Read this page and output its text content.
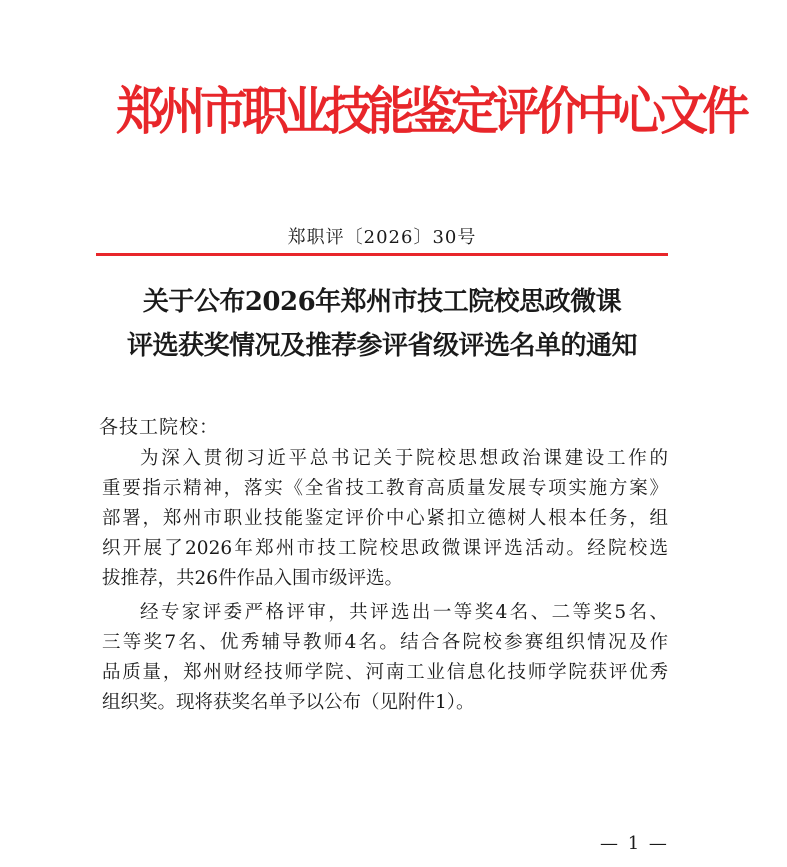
郑州市职业技能鉴定评价中心文件
郑职评〔2026〕30号
关于公布2026年郑州市技工院校思政微课
评选获奖情况及推荐参评省级评选名单的通知
各技工院校：
为深入贯彻习近平总书记关于院校思想政治课建设工作的
重要指示精神，落实《全省技工教育高质量发展专项实施方案》
部署，郑州市职业技能鉴定评价中心紧扣立德树人根本任务，组
织开展了2026年郑州市技工院校思政微课评选活动。经院校选
拔推荐，共26件作品入围市级评选。
经专家评委严格评审，共评选出一等奖4名、二等奖5名、
三等奖7名、优秀辅导教师4名。结合各院校参赛组织情况及作
品质量，郑州财经技师学院、河南工业信息化技师学院获评优秀
组织奖。现将获奖名单予以公布（见附件1）。
— 1 —
